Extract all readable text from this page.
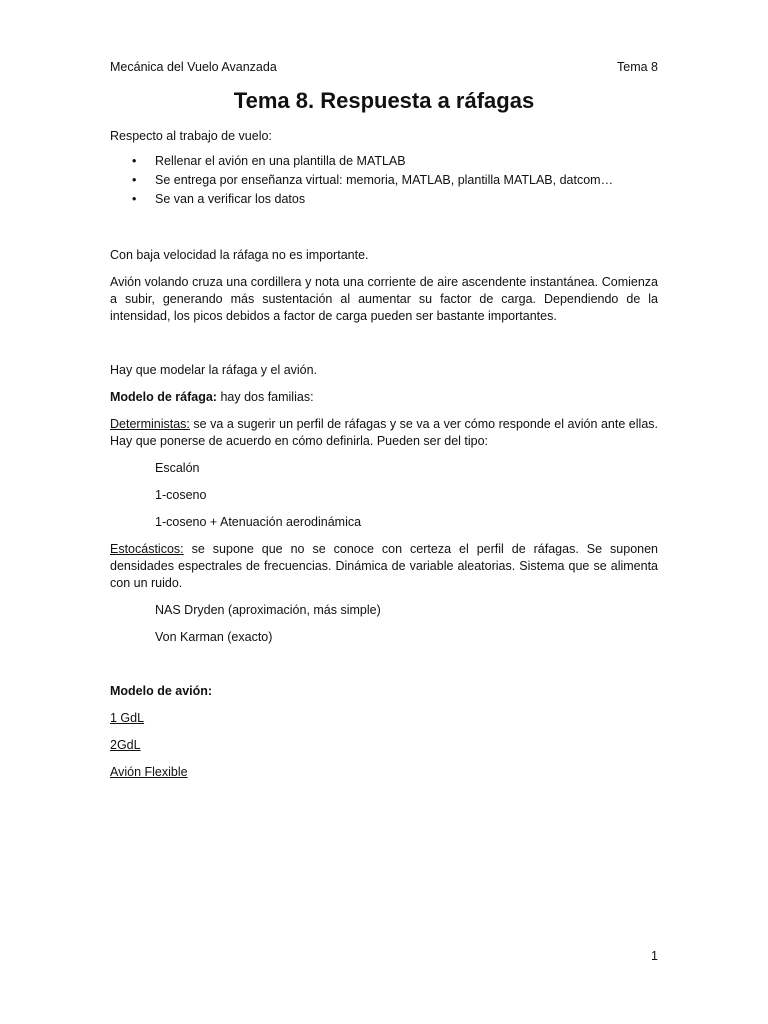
Mecánica del Vuelo Avanzada	Tema 8
Tema 8. Respuesta a ráfagas

Respecto al trabajo de vuelo:

• Rellenar el avión en una plantilla de MATLAB
• Se entrega por enseñanza virtual: memoria, MATLAB, plantilla MATLAB, datcom…
• Se van a verificar los datos

Con baja velocidad la ráfaga no es importante.

Avión volando cruza una cordillera y nota una corriente de aire ascendente instantánea. Comienza a subir, generando más sustentación al aumentar su factor de carga. Dependiendo de la intensidad, los picos debidos a factor de carga pueden ser bastante importantes.

Hay que modelar la ráfaga y el avión.

Modelo de ráfaga: hay dos familias:

Deterministas: se va a sugerir un perfil de ráfagas y se va a ver cómo responde el avión ante ellas. Hay que ponerse de acuerdo en cómo definirla. Pueden ser del tipo:

Escalón

1-coseno

1-coseno + Atenuación aerodinámica

Estocásticos: se supone que no se conoce con certeza el perfil de ráfagas. Se suponen densidades espectrales de frecuencias. Dinámica de variable aleatorias. Sistema que se alimenta con un ruido.

NAS Dryden (aproximación, más simple)

Von Karman (exacto)

Modelo de avión:

1 GdL

2GdL

Avión Flexible

1
